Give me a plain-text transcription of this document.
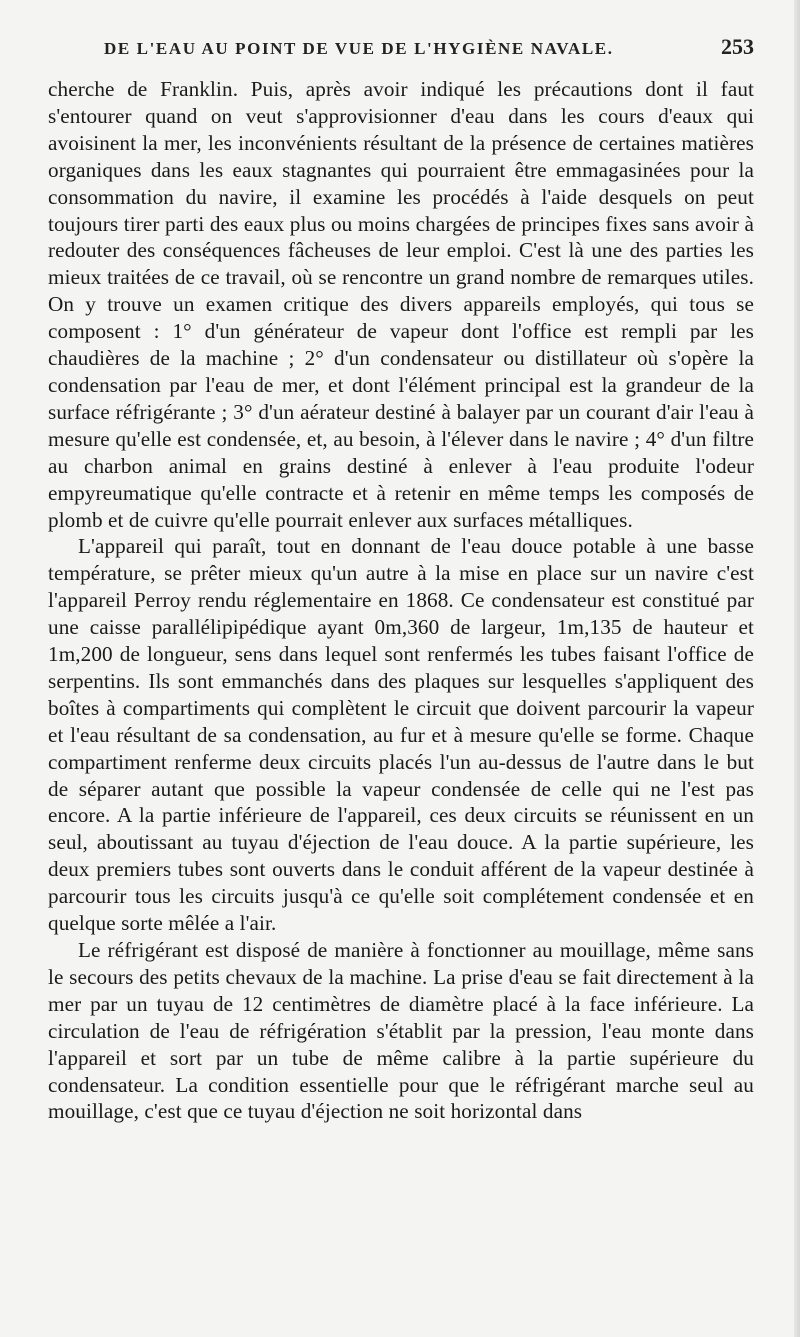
DE L'EAU AU POINT DE VUE DE L'HYGIÈNE NAVALE.	253

cherche de Franklin. Puis, après avoir indiqué les précautions dont il faut s'entourer quand on veut s'approvisionner d'eau dans les cours d'eaux qui avoisinent la mer, les inconvénients résultant de la présence de certaines matières organiques dans les eaux stagnantes qui pourraient être emmagasinées pour la consommation du navire, il examine les procédés à l'aide desquels on peut toujours tirer parti des eaux plus ou moins chargées de principes fixes sans avoir à redouter des conséquences fâcheuses de leur emploi. C'est là une des parties les mieux traitées de ce travail, où se rencontre un grand nombre de remarques utiles. On y trouve un examen critique des divers appareils employés, qui tous se composent : 1° d'un générateur de vapeur dont l'office est rempli par les chaudières de la machine ; 2° d'un condensateur ou distillateur où s'opère la condensation par l'eau de mer, et dont l'élément principal est la grandeur de la surface réfrigérante ; 3° d'un aérateur destiné à balayer par un courant d'air l'eau à mesure qu'elle est condensée, et, au besoin, à l'élever dans le navire ; 4° d'un filtre au charbon animal en grains destiné à enlever à l'eau produite l'odeur empyreumatique qu'elle contracte et à retenir en même temps les composés de plomb et de cuivre qu'elle pourrait enlever aux surfaces métalliques.

L'appareil qui paraît, tout en donnant de l'eau douce potable à une basse température, se prêter mieux qu'un autre à la mise en place sur un navire c'est l'appareil Perroy rendu réglementaire en 1868. Ce condensateur est constitué par une caisse parallélipipédique ayant 0m,360 de largeur, 1m,135 de hauteur et 1m,200 de longueur, sens dans lequel sont renfermés les tubes faisant l'office de serpentins. Ils sont emmanchés dans des plaques sur lesquelles s'appliquent des boîtes à compartiments qui complètent le circuit que doivent parcourir la vapeur et l'eau résultant de sa condensation, au fur et à mesure qu'elle se forme. Chaque compartiment renferme deux circuits placés l'un au-dessus de l'autre dans le but de séparer autant que possible la vapeur condensée de celle qui ne l'est pas encore. A la partie inférieure de l'appareil, ces deux circuits se réunissent en un seul, aboutissant au tuyau d'éjection de l'eau douce. A la partie supérieure, les deux premiers tubes sont ouverts dans le conduit afférent de la vapeur destinée à parcourir tous les circuits jusqu'à ce qu'elle soit complétement condensée et en quelque sorte mêlée a l'air.

Le réfrigérant est disposé de manière à fonctionner au mouillage, même sans le secours des petits chevaux de la machine. La prise d'eau se fait directement à la mer par un tuyau de 12 centimètres de diamètre placé à la face inférieure. La circulation de l'eau de réfrigération s'établit par la pression, l'eau monte dans l'appareil et sort par un tube de même calibre à la partie supérieure du condensateur. La condition essentielle pour que le réfrigérant marche seul au mouillage, c'est que ce tuyau d'éjection ne soit horizontal dans
